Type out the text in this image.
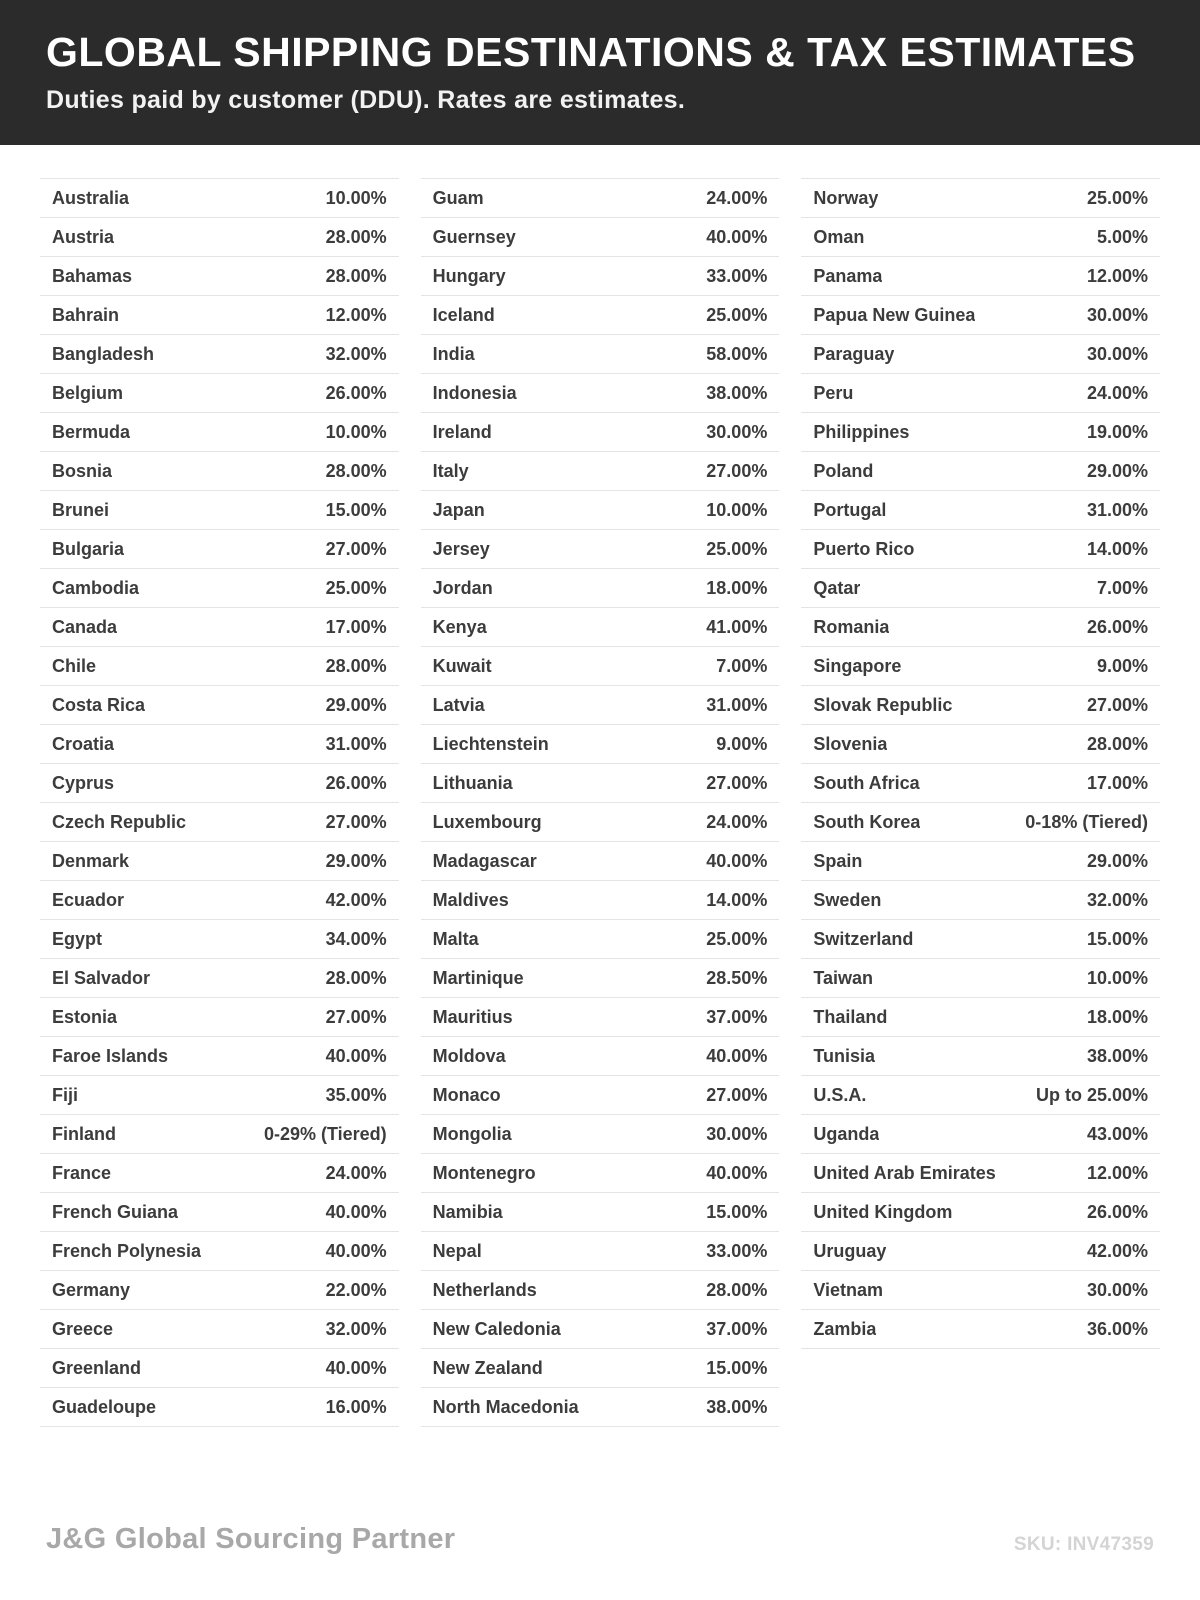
GLOBAL SHIPPING DESTINATIONS & TAX ESTIMATES
Duties paid by customer (DDU). Rates are estimates.
Australia	10.00%
Austria	28.00%
Bahamas	28.00%
Bahrain	12.00%
Bangladesh	32.00%
Belgium	26.00%
Bermuda	10.00%
Bosnia	28.00%
Brunei	15.00%
Bulgaria	27.00%
Cambodia	25.00%
Canada	17.00%
Chile	28.00%
Costa Rica	29.00%
Croatia	31.00%
Cyprus	26.00%
Czech Republic	27.00%
Denmark	29.00%
Ecuador	42.00%
Egypt	34.00%
El Salvador	28.00%
Estonia	27.00%
Faroe Islands	40.00%
Fiji	35.00%
Finland	0-29% (Tiered)
France	24.00%
French Guiana	40.00%
French Polynesia	40.00%
Germany	22.00%
Greece	32.00%
Greenland	40.00%
Guadeloupe	16.00%
Guam	24.00%
Guernsey	40.00%
Hungary	33.00%
Iceland	25.00%
India	58.00%
Indonesia	38.00%
Ireland	30.00%
Italy	27.00%
Japan	10.00%
Jersey	25.00%
Jordan	18.00%
Kenya	41.00%
Kuwait	7.00%
Latvia	31.00%
Liechtenstein	9.00%
Lithuania	27.00%
Luxembourg	24.00%
Madagascar	40.00%
Maldives	14.00%
Malta	25.00%
Martinique	28.50%
Mauritius	37.00%
Moldova	40.00%
Monaco	27.00%
Mongolia	30.00%
Montenegro	40.00%
Namibia	15.00%
Nepal	33.00%
Netherlands	28.00%
New Caledonia	37.00%
New Zealand	15.00%
North Macedonia	38.00%
Norway	25.00%
Oman	5.00%
Panama	12.00%
Papua New Guinea	30.00%
Paraguay	30.00%
Peru	24.00%
Philippines	19.00%
Poland	29.00%
Portugal	31.00%
Puerto Rico	14.00%
Qatar	7.00%
Romania	26.00%
Singapore	9.00%
Slovak Republic	27.00%
Slovenia	28.00%
South Africa	17.00%
South Korea	0-18% (Tiered)
Spain	29.00%
Sweden	32.00%
Switzerland	15.00%
Taiwan	10.00%
Thailand	18.00%
Tunisia	38.00%
U.S.A.	Up to 25.00%
Uganda	43.00%
United Arab Emirates	12.00%
United Kingdom	26.00%
Uruguay	42.00%
Vietnam	30.00%
Zambia	36.00%
J&G Global Sourcing Partner	SKU: INV47359
